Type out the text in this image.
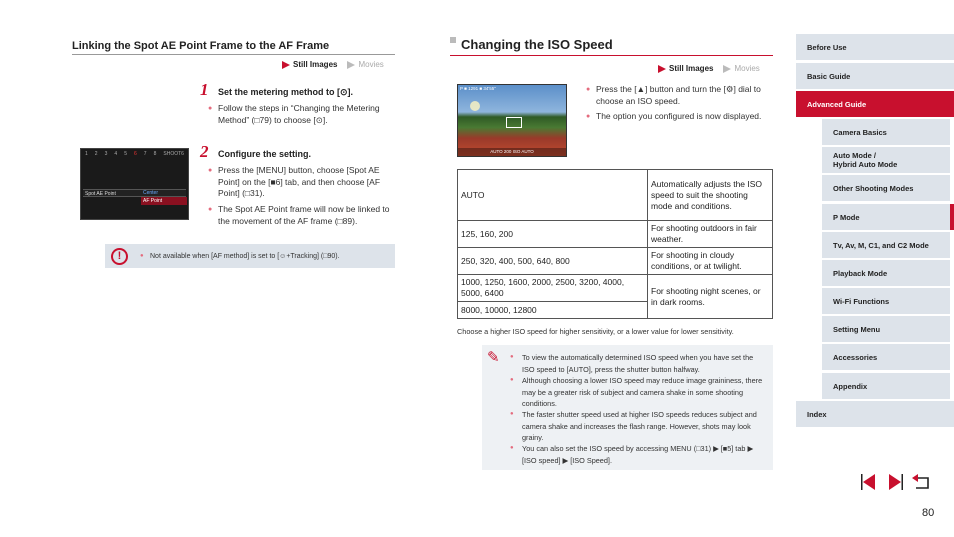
Linking the Spot AE Point Frame to the AF Frame
Still Images	Movies
1 Set the metering method to [⊙].
● Follow the steps in “Changing the Metering Method” (□79) to choose [⊙].
2 Configure the setting.
● Press the [MENU] button, choose [Spot AE Point] on the [■6] tab, and then choose [AF Point] (□31).
● The Spot AE Point frame will now be linked to the movement of the AF frame (□89).
1 2 3 4 5 6 7 8 SHOOT6
Spot AE Point	Center
AF Point
!	● Not available when [AF method] is set to [☺+Tracking] (□90).
Changing the ISO Speed
Still Images	Movies
P ■ 1291 ■ 34'55"
AUTO 200 ISO AUTO
● Press the [▲] button and turn the [⚙] dial to choose an ISO speed.
● The option you configured is now displayed.
AUTO	Automatically adjusts the ISO speed to suit the shooting mode and conditions.
125, 160, 200	For shooting outdoors in fair weather.
250, 320, 400, 500, 640, 800	For shooting in cloudy conditions, or at twilight.
1000, 1250, 1600, 2000, 2500, 3200, 4000, 5000, 6400	For shooting night scenes, or in dark rooms.
8000, 10000, 12800	
Choose a higher ISO speed for higher sensitivity, or a lower value for lower sensitivity.
✎	● To view the automatically determined ISO speed when you have set the ISO speed to [AUTO], press the shutter button halfway.
● Although choosing a lower ISO speed may reduce image graininess, there may be a greater risk of subject and camera shake in some shooting conditions.
● The faster shutter speed used at higher ISO speeds reduces subject and camera shake and increases the flash range. However, shots may look grainy.
● You can also set the ISO speed by accessing MENU (□31) ▶ [■5] tab ▶ [ISO speed] ▶ [ISO Speed].
Before Use
Basic Guide
Advanced Guide
Camera Basics
Auto Mode /
Hybrid Auto Mode
Other Shooting Modes
P Mode
Tv, Av, M, C1, and C2 Mode
Playback Mode
Wi-Fi Functions
Setting Menu
Accessories
Appendix
Index
80
